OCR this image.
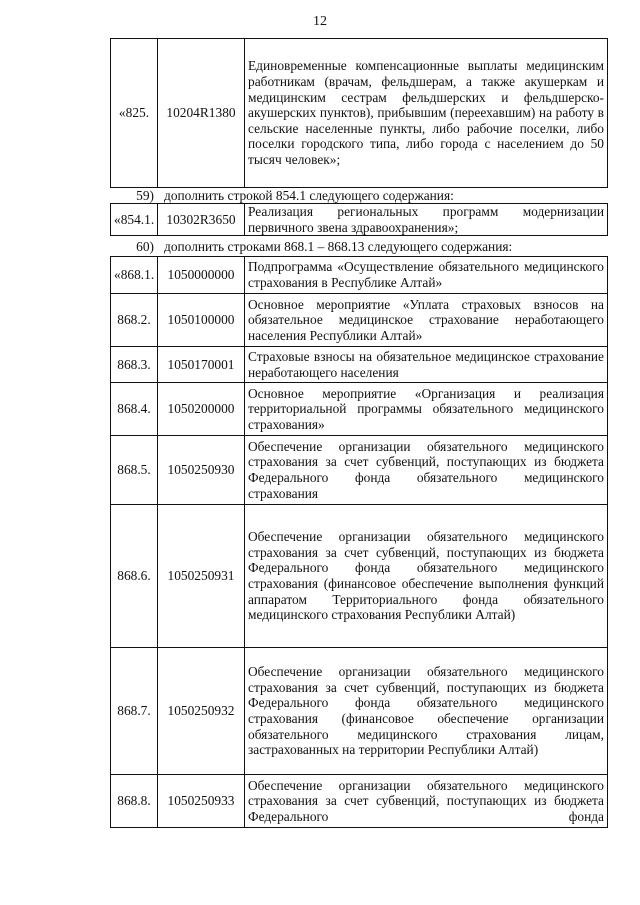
12
«825.	10204R1380	Единовременные компенсационные выплаты медицинским работникам (врачам, фельдшерам, а также акушеркам и медицинским сестрам фельдшерских и фельдшерско-акушерских пунктов), прибывшим (переехавшим) на работу в сельские населенные пункты, либо рабочие поселки, либо поселки городского типа, либо города с населением до 50 тысяч человек»;
59) дополнить строкой 854.1 следующего содержания:
«854.1.	10302R3650	Реализация региональных программ модернизации первичного звена здравоохранения»;
60) дополнить строками 868.1 – 868.13 следующего содержания:
«868.1.	1050000000	Подпрограмма «Осуществление обязательного медицинского страхования в Республике Алтай»
868.2.	1050100000	Основное мероприятие «Уплата страховых взносов на обязательное медицинское страхование неработающего населения Республики Алтай»
868.3.	1050170001	Страховые взносы на обязательное медицинское страхование неработающего населения
868.4.	1050200000	Основное мероприятие «Организация и реализация территориальной программы обязательного медицинского страхования»
868.5.	1050250930	Обеспечение организации обязательного медицинского страхования за счет субвенций, поступающих из бюджета Федерального фонда обязательного медицинского страхования
868.6.	1050250931	Обеспечение организации обязательного медицинского страхования за счет субвенций, поступающих из бюджета Федерального фонда обязательного медицинского страхования (финансовое обеспечение выполнения функций аппаратом Территориального фонда обязательного медицинского страхования Республики Алтай)
868.7.	1050250932	Обеспечение организации обязательного медицинского страхования за счет субвенций, поступающих из бюджета Федерального фонда обязательного медицинского страхования (финансовое обеспечение организации обязательного медицинского страхования лицам, застрахованных на территории Республики Алтай)
868.8.	1050250933	Обеспечение организации обязательного медицинского страхования за счет субвенций, поступающих из бюджета Федерального фонда
